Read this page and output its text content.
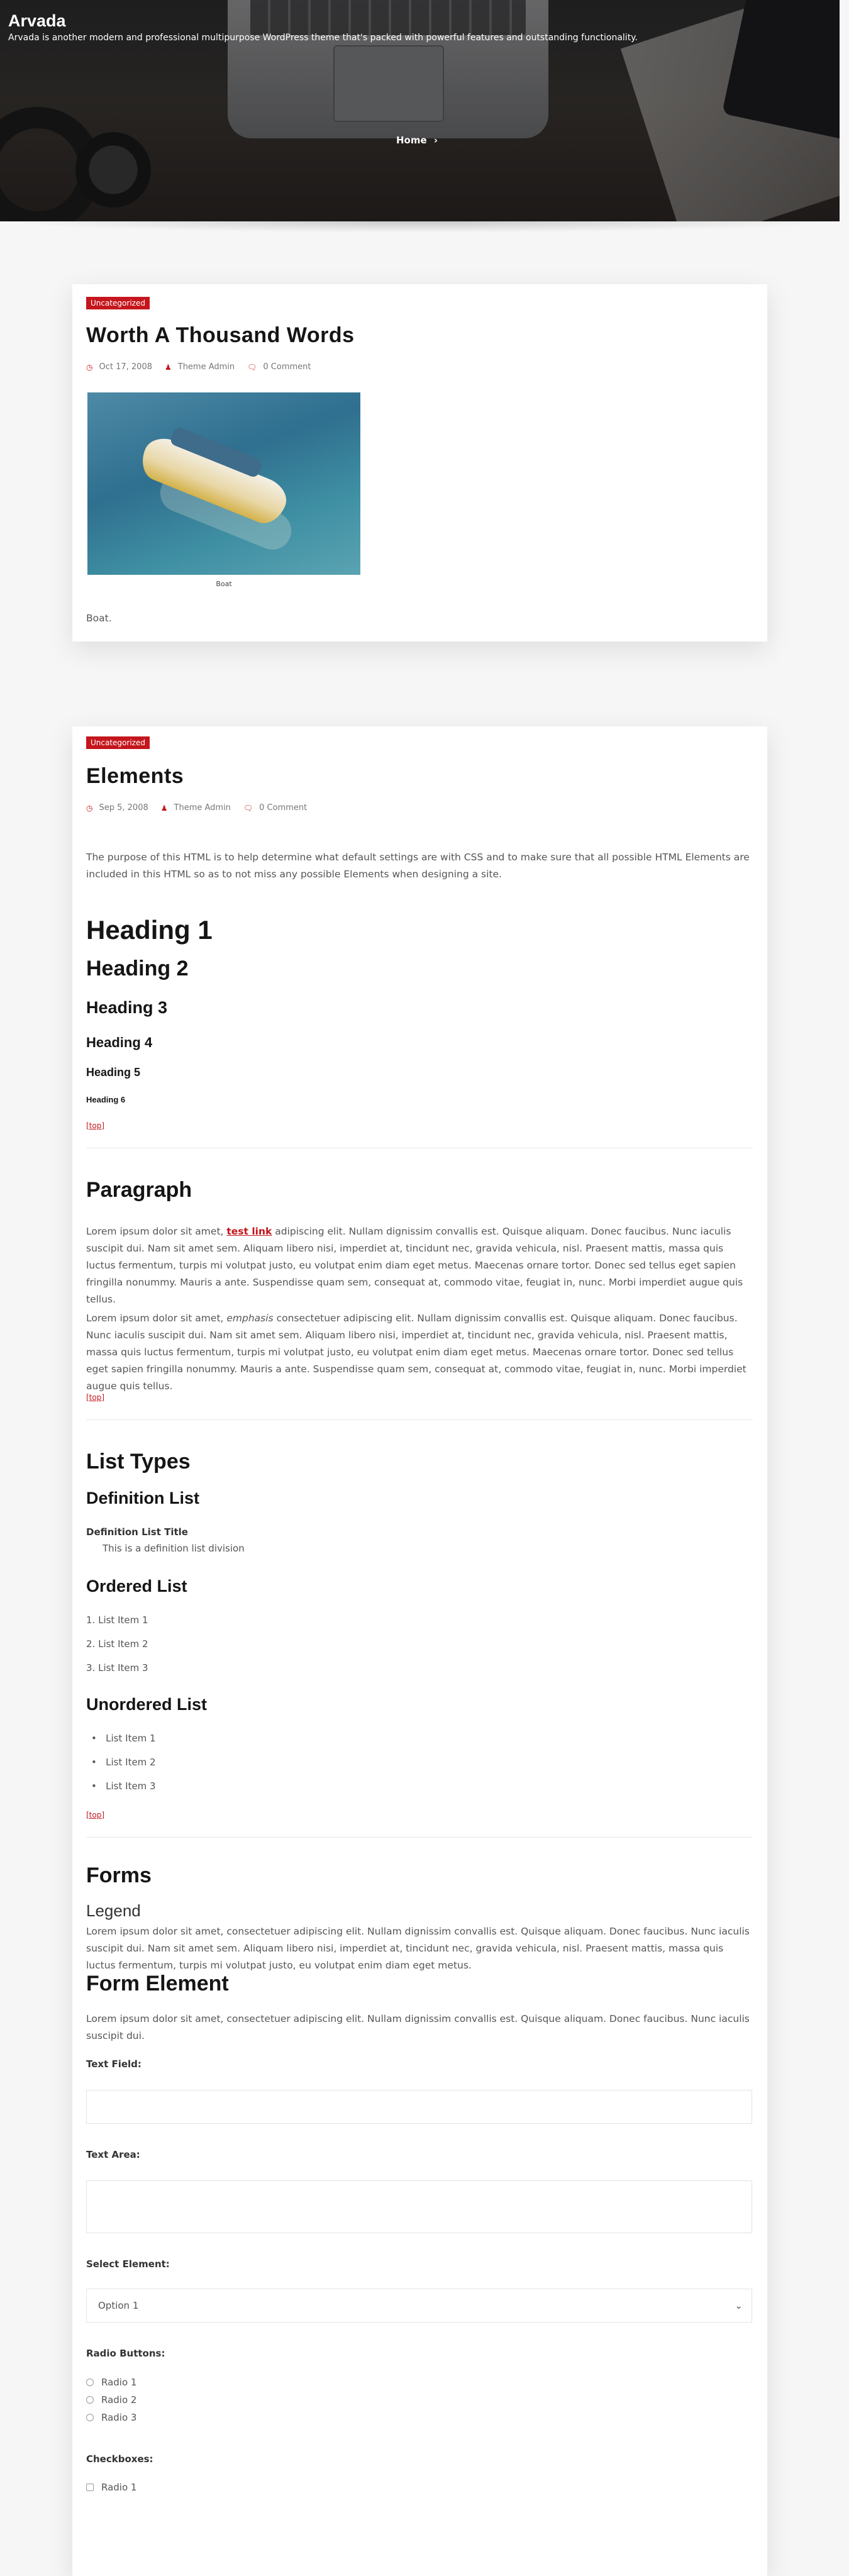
Arvada

Arvada is another modern and professional multipurpose WordPress theme that's packed with powerful features and outstanding functionality.

Home ›
Uncategorized
Worth A Thousand Words
◷ Oct 17, 2008 ♟ Theme Admin 🗨 0 Comment
Boat

Boat.

Uncategorized
Elements
◷ Sep 5, 2008 ♟ Theme Admin 🗨 0 Comment

The purpose of this HTML is to help determine what default settings are with CSS and to make sure that all possible HTML Elements are included in this HTML so as to not miss any possible Elements when designing a site.

Heading 1
Heading 2
Heading 3
Heading 4
Heading 5
Heading 6
[top]
Paragraph

Lorem ipsum dolor sit amet, test link adipiscing elit. Nullam dignissim convallis est. Quisque aliquam. Donec faucibus. Nunc iaculis suscipit dui. Nam sit amet sem. Aliquam libero nisi, imperdiet at, tincidunt nec, gravida vehicula, nisl. Praesent mattis, massa quis luctus fermentum, turpis mi volutpat justo, eu volutpat enim diam eget metus. Maecenas ornare tortor. Donec sed tellus eget sapien fringilla nonummy. Mauris a ante. Suspendisse quam sem, consequat at, commodo vitae, feugiat in, nunc. Morbi imperdiet augue quis tellus.

Lorem ipsum dolor sit amet, emphasis consectetuer adipiscing elit. Nullam dignissim convallis est. Quisque aliquam. Donec faucibus. Nunc iaculis suscipit dui. Nam sit amet sem. Aliquam libero nisi, imperdiet at, tincidunt nec, gravida vehicula, nisl. Praesent mattis, massa quis luctus fermentum, turpis mi volutpat justo, eu volutpat enim diam eget metus. Maecenas ornare tortor. Donec sed tellus eget sapien fringilla nonummy. Mauris a ante. Suspendisse quam sem, consequat at, commodo vitae, feugiat in, nunc. Morbi imperdiet augue quis tellus.

[top]
List Types
Definition List
Definition List Title
This is a definition list division
Ordered List
1. List Item 1
2. List Item 2
3. List Item 3
Unordered List
•   List Item 1
•   List Item 2
•   List Item 3
[top]
Forms
Legend

Lorem ipsum dolor sit amet, consectetuer adipiscing elit. Nullam dignissim convallis est. Quisque aliquam. Donec faucibus. Nunc iaculis suscipit dui. Nam sit amet sem. Aliquam libero nisi, imperdiet at, tincidunt nec, gravida vehicula, nisl. Praesent mattis, massa quis luctus fermentum, turpis mi volutpat justo, eu volutpat enim diam eget metus.

Form Element

Lorem ipsum dolor sit amet, consectetuer adipiscing elit. Nullam dignissim convallis est. Quisque aliquam. Donec faucibus. Nunc iaculis suscipit dui.

Text Field:
Text Area:
Select Element:
Option 1	⌄
Radio Buttons:
Radio 1
Radio 2
Radio 3
Checkboxes:
Radio 1
